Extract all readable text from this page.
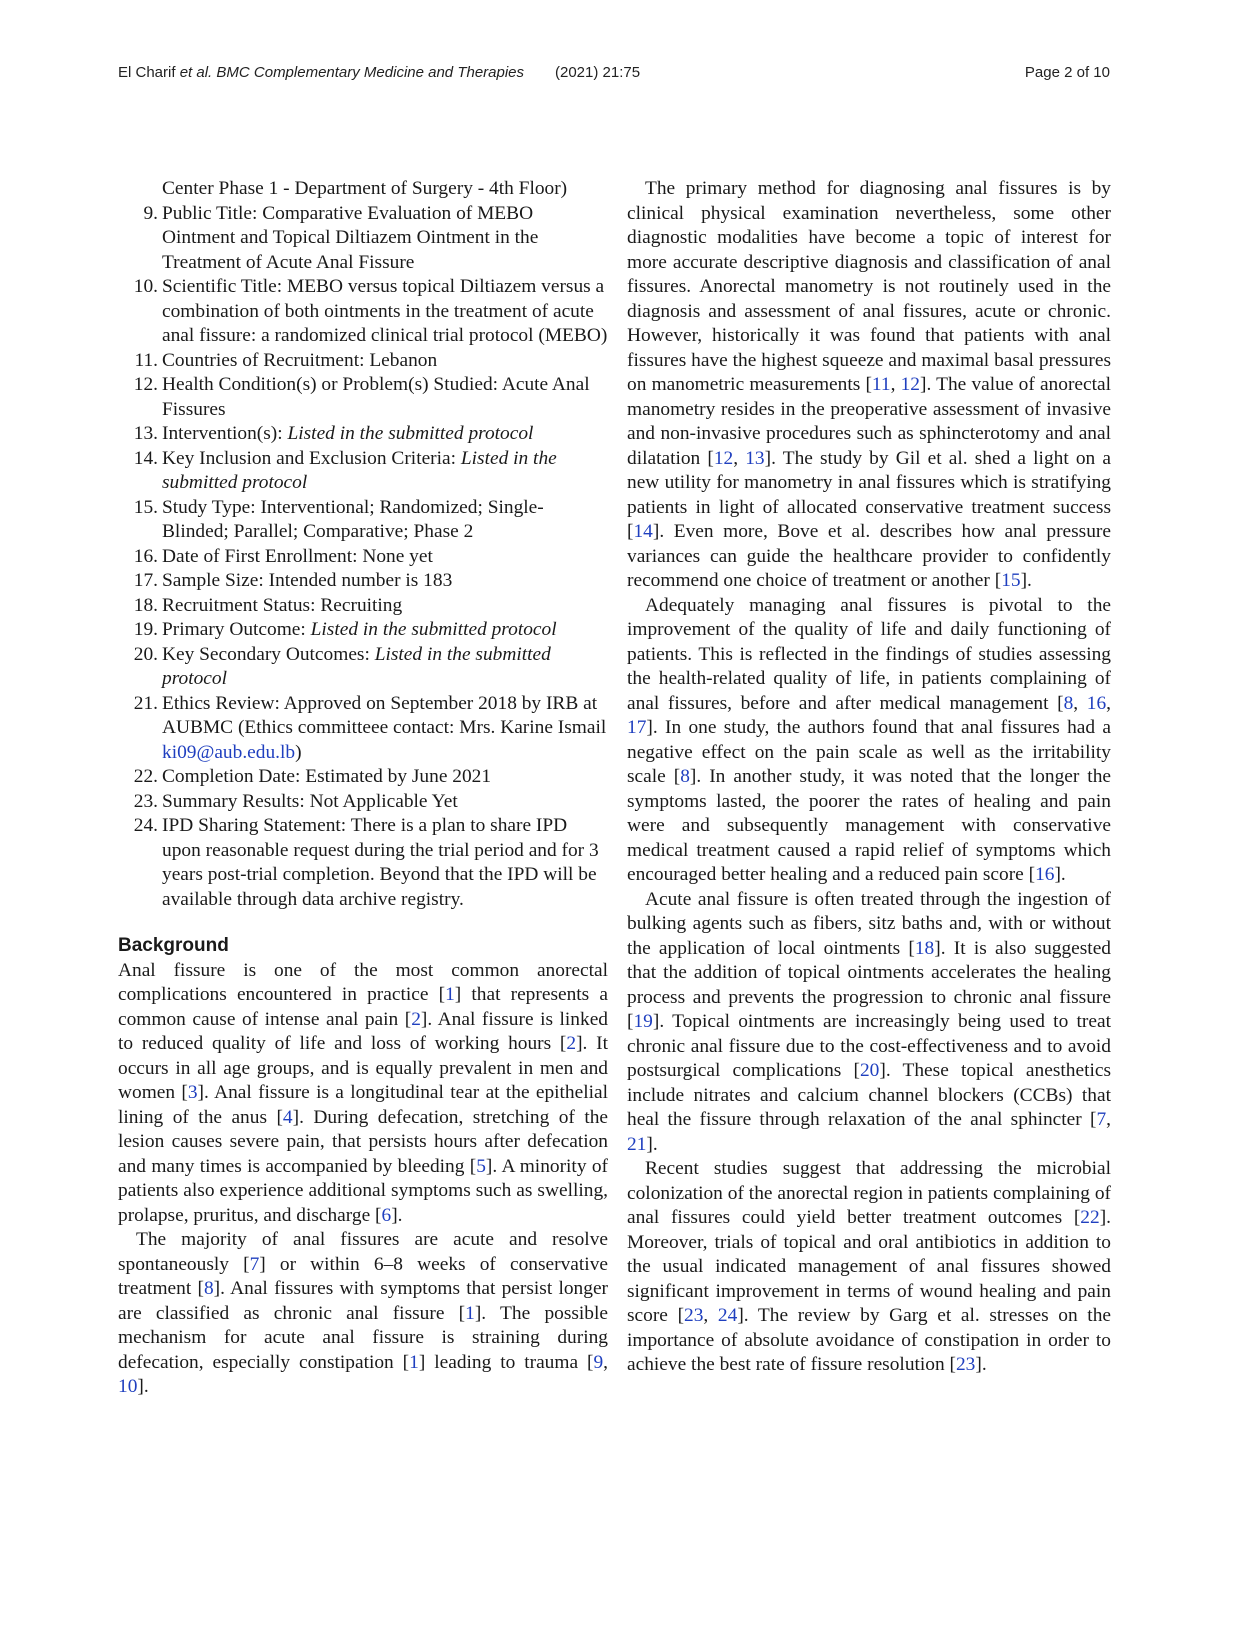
El Charif et al. BMC Complementary Medicine and Therapies (2021) 21:75	Page 2 of 10

Center Phase 1 - Department of Surgery - 4th Floor)

9. Public Title: Comparative Evaluation of MEBO Ointment and Topical Diltiazem Ointment in the Treatment of Acute Anal Fissure

10. Scientific Title: MEBO versus topical Diltiazem versus a combination of both ointments in the treatment of acute anal fissure: a randomized clinical trial protocol (MEBO)

11. Countries of Recruitment: Lebanon

12. Health Condition(s) or Problem(s) Studied: Acute Anal Fissures

13. Intervention(s): Listed in the submitted protocol

14. Key Inclusion and Exclusion Criteria: Listed in the submitted protocol

15. Study Type: Interventional; Randomized; Single-Blinded; Parallel; Comparative; Phase 2

16. Date of First Enrollment: None yet

17. Sample Size: Intended number is 183

18. Recruitment Status: Recruiting

19. Primary Outcome: Listed in the submitted protocol

20. Key Secondary Outcomes: Listed in the submitted protocol

21. Ethics Review: Approved on September 2018 by IRB at AUBMC (Ethics committeee contact: Mrs. Karine Ismail ki09@aub.edu.lb)

22. Completion Date: Estimated by June 2021

23. Summary Results: Not Applicable Yet

24. IPD Sharing Statement: There is a plan to share IPD upon reasonable request during the trial period and for 3 years post-trial completion. Beyond that the IPD will be available through data archive registry.

Background

Anal fissure is one of the most common anorectal complications encountered in practice [1] that represents a common cause of intense anal pain [2]. Anal fissure is linked to reduced quality of life and loss of working hours [2]. It occurs in all age groups, and is equally prevalent in men and women [3]. Anal fissure is a longitudinal tear at the epithelial lining of the anus [4]. During defecation, stretching of the lesion causes severe pain, that persists hours after defecation and many times is accompanied by bleeding [5]. A minority of patients also experience additional symptoms such as swelling, prolapse, pruritus, and discharge [6].

The majority of anal fissures are acute and resolve spontaneously [7] or within 6–8 weeks of conservative treatment [8]. Anal fissures with symptoms that persist longer are classified as chronic anal fissure [1]. The possible mechanism for acute anal fissure is straining during defecation, especially constipation [1] leading to trauma [9, 10].

The primary method for diagnosing anal fissures is by clinical physical examination nevertheless, some other diagnostic modalities have become a topic of interest for more accurate descriptive diagnosis and classification of anal fissures. Anorectal manometry is not routinely used in the diagnosis and assessment of anal fissures, acute or chronic. However, historically it was found that patients with anal fissures have the highest squeeze and maximal basal pressures on manometric measurements [11, 12]. The value of anorectal manometry resides in the preoperative assessment of invasive and non-invasive procedures such as sphincterotomy and anal dilatation [12, 13]. The study by Gil et al. shed a light on a new utility for manometry in anal fissures which is stratifying patients in light of allocated conservative treatment success [14]. Even more, Bove et al. describes how anal pressure variances can guide the healthcare provider to confidently recommend one choice of treatment or another [15].

Adequately managing anal fissures is pivotal to the improvement of the quality of life and daily functioning of patients. This is reflected in the findings of studies assessing the health-related quality of life, in patients complaining of anal fissures, before and after medical management [8, 16, 17]. In one study, the authors found that anal fissures had a negative effect on the pain scale as well as the irritability scale [8]. In another study, it was noted that the longer the symptoms lasted, the poorer the rates of healing and pain were and subsequently management with conservative medical treatment caused a rapid relief of symptoms which encouraged better healing and a reduced pain score [16].

Acute anal fissure is often treated through the ingestion of bulking agents such as fibers, sitz baths and, with or without the application of local ointments [18]. It is also suggested that the addition of topical ointments accelerates the healing process and prevents the progression to chronic anal fissure [19]. Topical ointments are increasingly being used to treat chronic anal fissure due to the cost-effectiveness and to avoid postsurgical complications [20]. These topical anesthetics include nitrates and calcium channel blockers (CCBs) that heal the fissure through relaxation of the anal sphincter [7, 21].

Recent studies suggest that addressing the microbial colonization of the anorectal region in patients complaining of anal fissures could yield better treatment outcomes [22]. Moreover, trials of topical and oral antibiotics in addition to the usual indicated management of anal fissures showed significant improvement in terms of wound healing and pain score [23, 24]. The review by Garg et al. stresses on the importance of absolute avoidance of constipation in order to achieve the best rate of fissure resolution [23].
